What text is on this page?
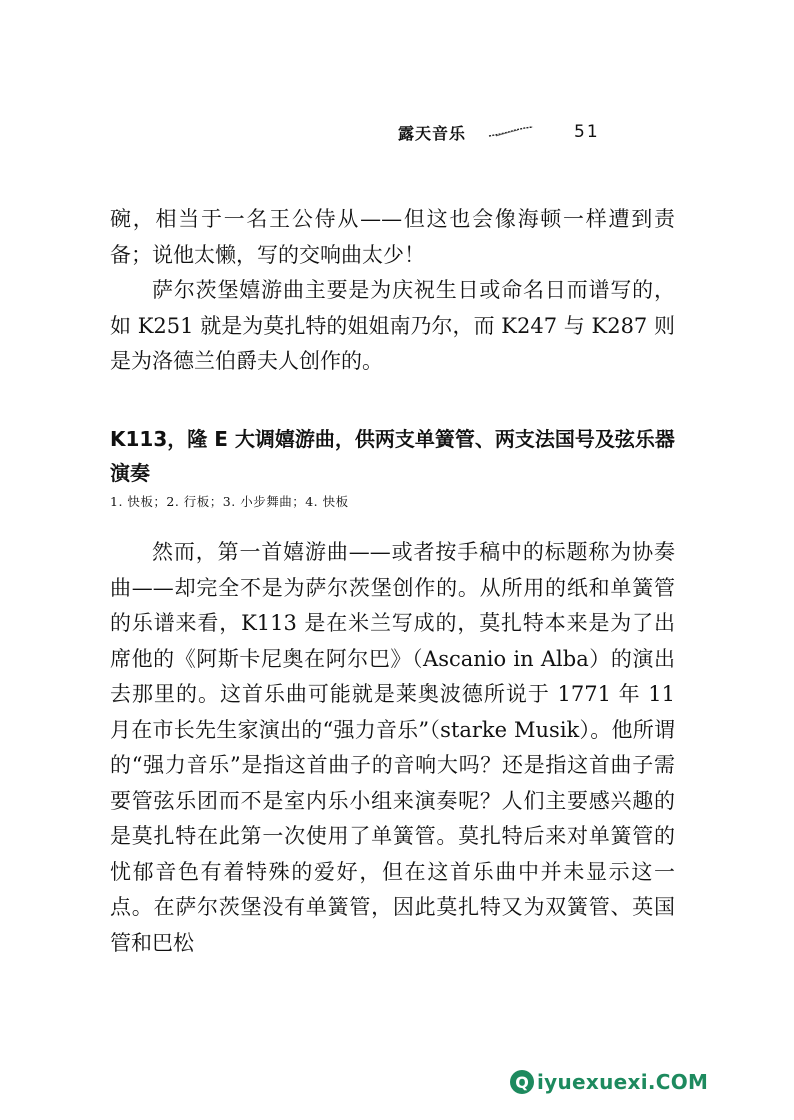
露天音乐	51

碗，相当于一名王公侍从——但这也会像海顿一样遭到责备；说他太懒，写的交响曲太少！

萨尔茨堡嬉游曲主要是为庆祝生日或命名日而谱写的，如 K251 就是为莫扎特的姐姐南乃尔，而 K247 与 K287 则是为洛德兰伯爵夫人创作的。

K113，隆 E 大调嬉游曲，供两支单簧管、两支法国号及弦乐器演奏

1. 快板；2. 行板；3. 小步舞曲；4. 快板

然而，第一首嬉游曲——或者按手稿中的标题称为协奏曲——却完全不是为萨尔茨堡创作的。从所用的纸和单簧管的乐谱来看，K113 是在米兰写成的，莫扎特本来是为了出席他的《阿斯卡尼奥在阿尔巴》（Ascanio in Alba）的演出去那里的。这首乐曲可能就是莱奥波德所说于 1771 年 11 月在市长先生家演出的“强力音乐”（starke Musik）。他所谓的“强力音乐”是指这首曲子的音响大吗？还是指这首曲子需要管弦乐团而不是室内乐小组来演奏呢？人们主要感兴趣的是莫扎特在此第一次使用了单簧管。莫扎特后来对单簧管的忧郁音色有着特殊的爱好，但在这首乐曲中并未显示这一点。在萨尔茨堡没有单簧管，因此莫扎特又为双簧管、英国管和巴松

Q iyuexuexi.COM
